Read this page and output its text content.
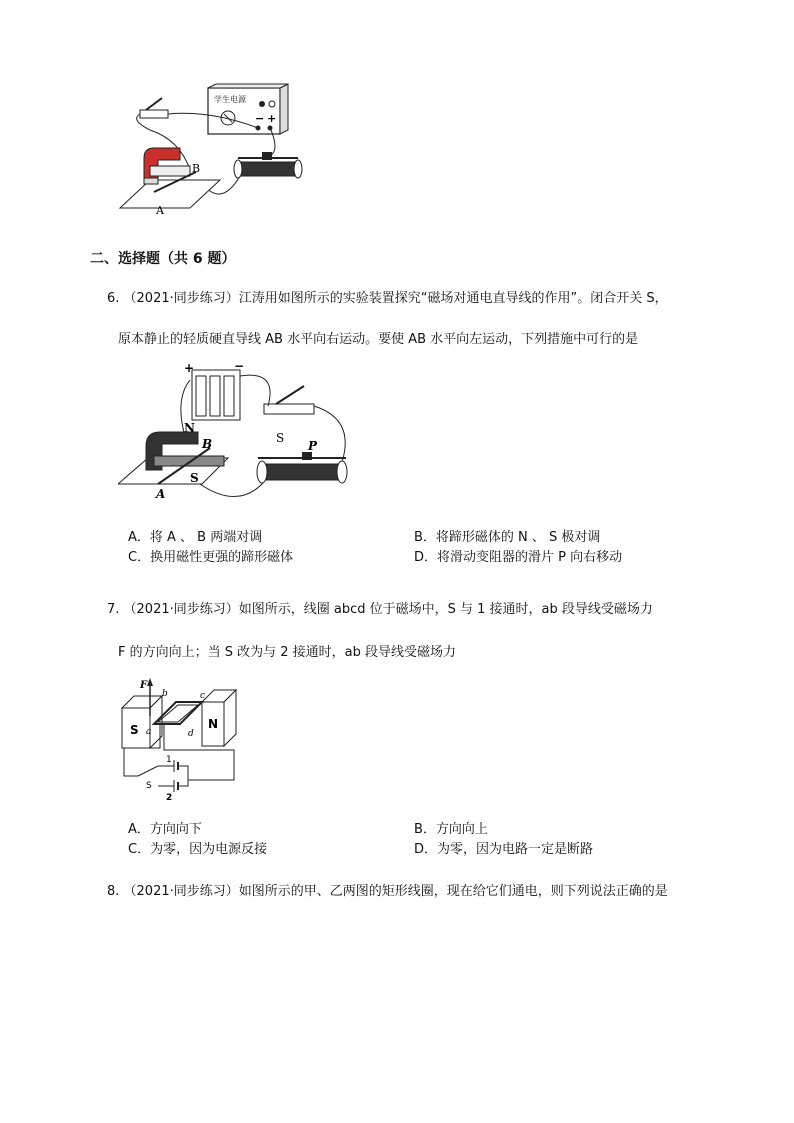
学生电源
− +
B
A
二、选择题（共 6 题）
6. （2021·同步练习）江涛用如图所示的实验装置探究“磁场对通电直导线的作用”。闭合开关 S，
原本静止的轻质硬直导线 AB 水平向右运动。要使 AB 水平向左运动，下列措施中可行的是
+	−
S
N
S
B
A
P
A．将 A 、 B 两端对调	B．将蹄形磁体的 N 、 S 极对调
C．换用磁性更强的蹄形磁体	D．将滑动变阻器的滑片 P 向右移动
7. （2021·同步练习）如图所示，线圈 abcd 位于磁场中，S 与 1 接通时，ab 段导线受磁场力
F 的方向向上；当 S 改为与 2 接通时，ab 段导线受磁场力
S	N
F
b	c
a	d
1
2
S
A．方向向下	B．方向向上
C．为零，因为电源反接	D．为零，因为电路一定是断路
8. （2021·同步练习）如图所示的甲、乙两图的矩形线圈，现在给它们通电，则下列说法正确的是
